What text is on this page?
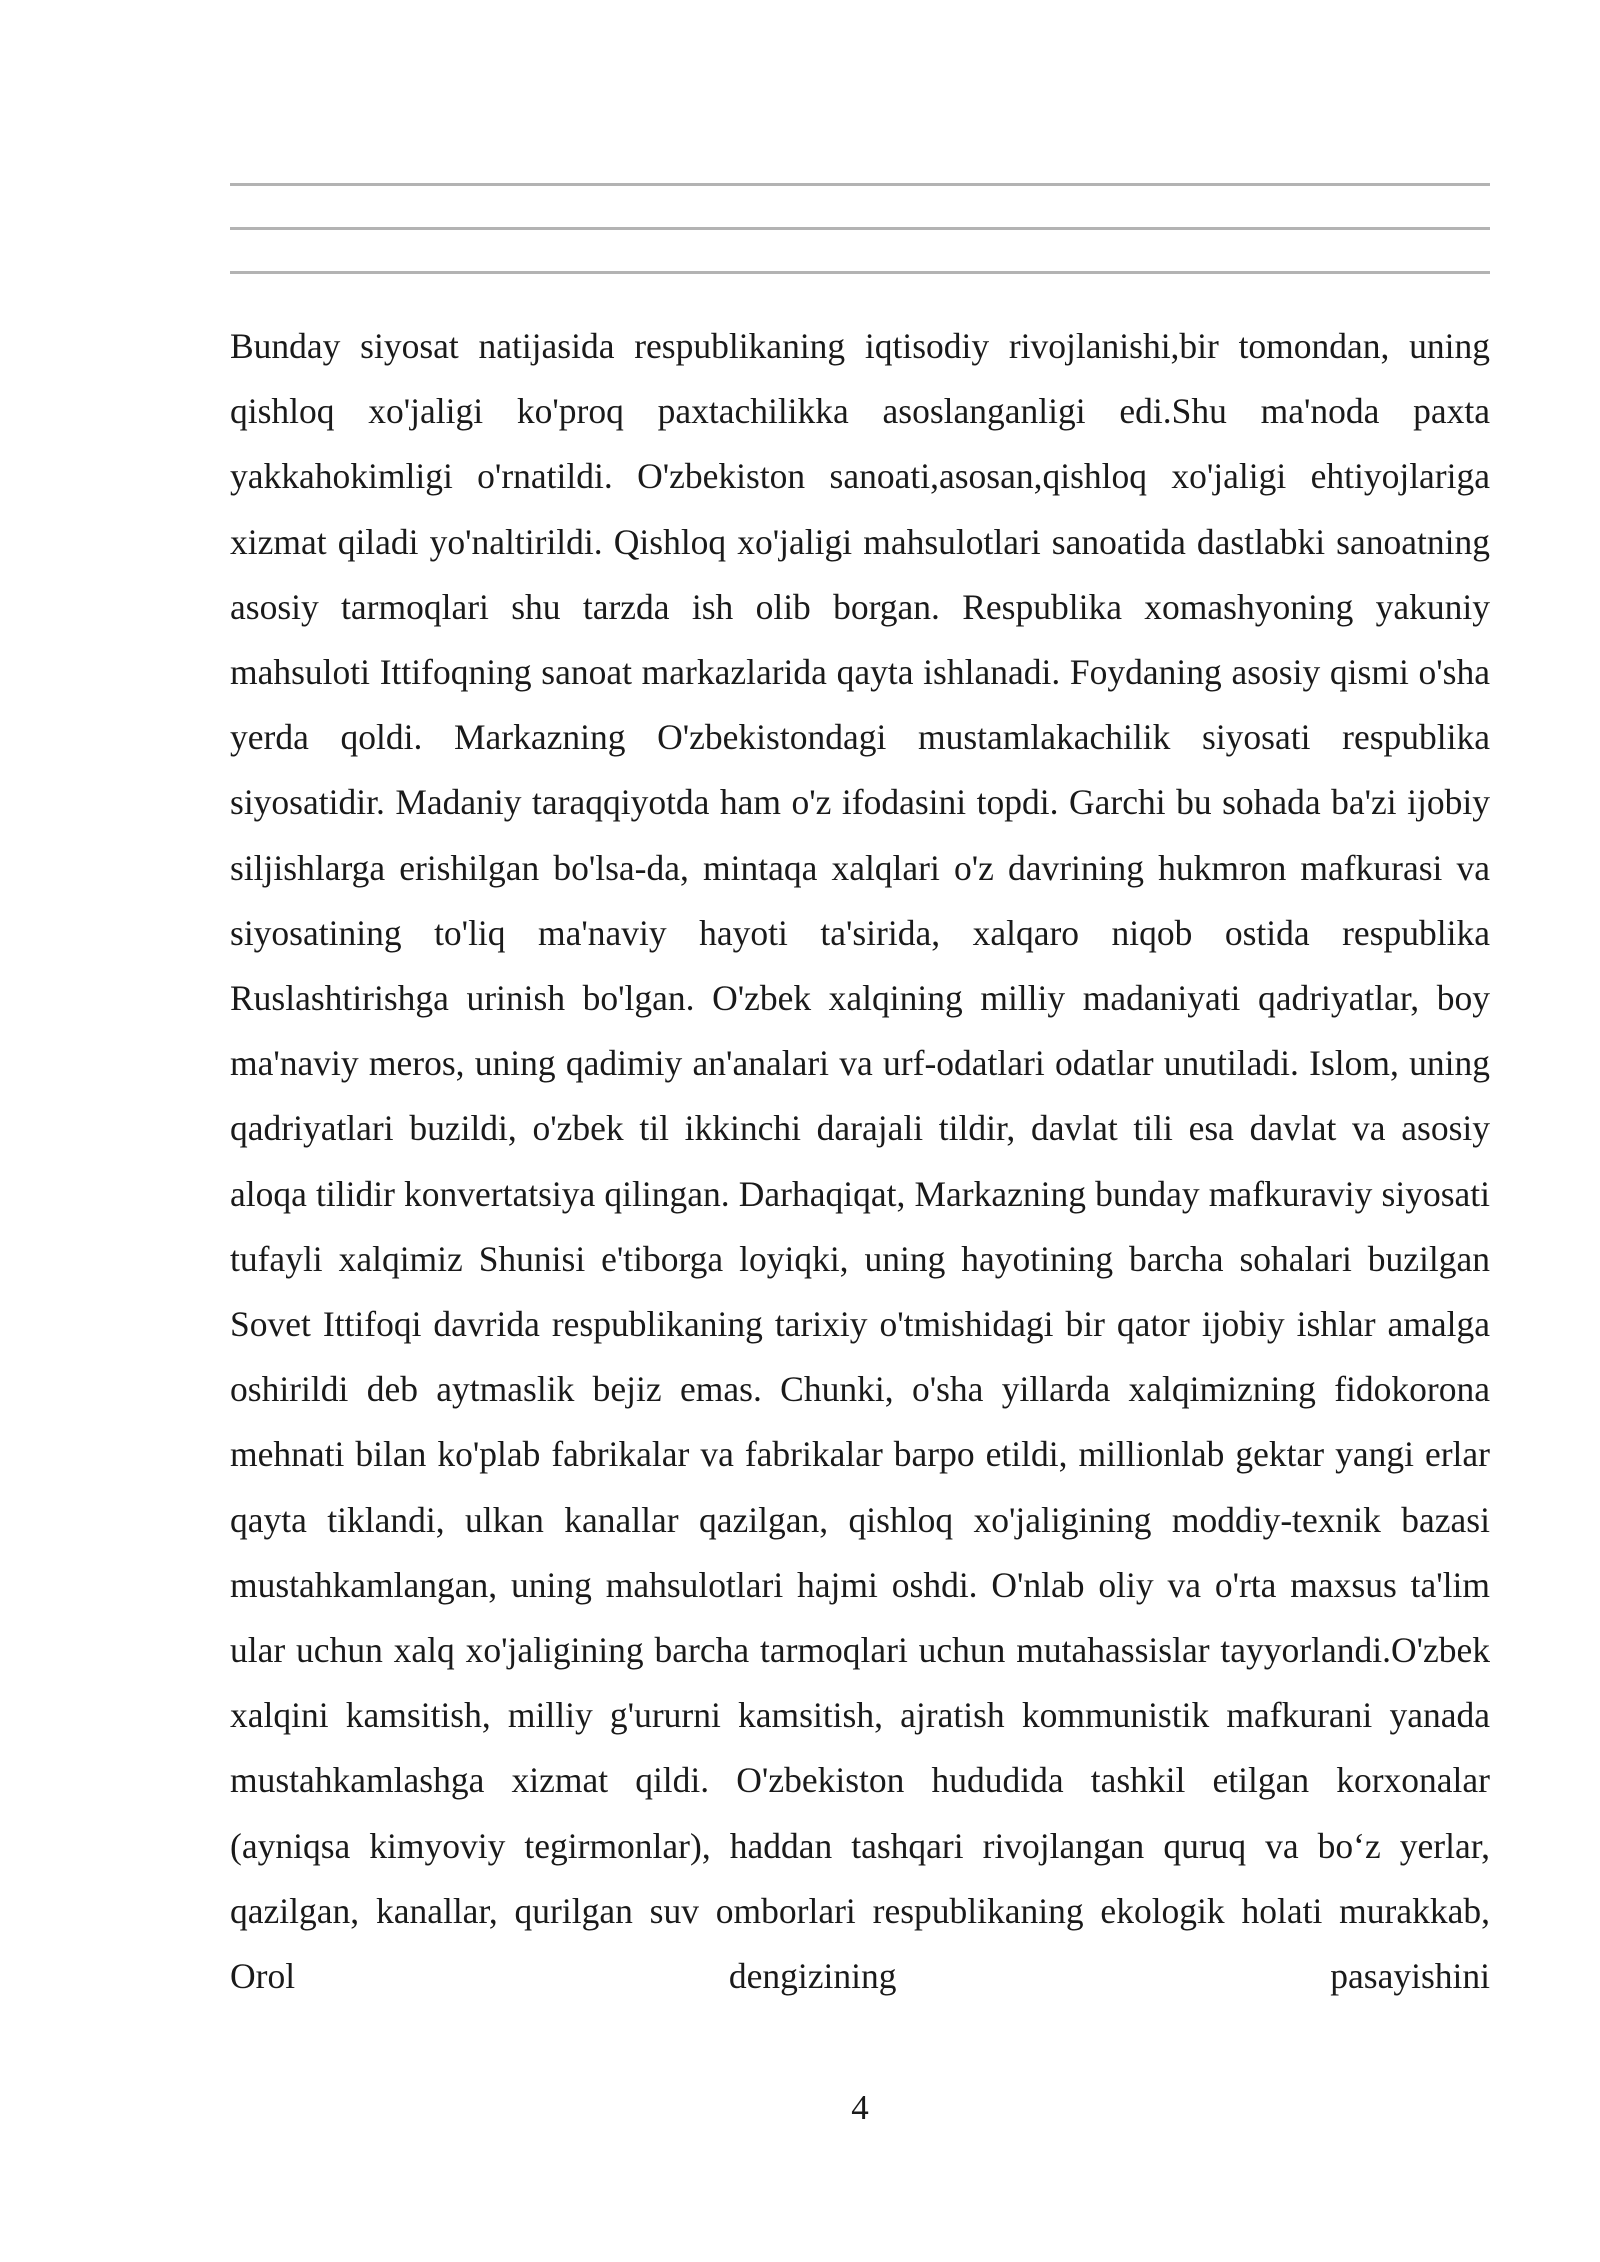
Bunday siyosat natijasida respublikaning iqtisodiy rivojlanishi,bir tomondan, uning qishloq xo'jaligi ko'proq paxtachilikka asoslanganligi edi.Shu ma'noda paxta yakkahokimligi o'rnatildi. O'zbekiston sanoati,asosan,qishloq xo'jaligi ehtiyojlariga xizmat qiladi yo'naltirildi. Qishloq xo'jaligi mahsulotlari sanoatida dastlabki sanoatning asosiy tarmoqlari shu tarzda ish olib borgan. Respublika xomashyoning yakuniy mahsuloti Ittifoqning sanoat markazlarida qayta ishlanadi. Foydaning asosiy qismi o'sha yerda qoldi. Markazning O'zbekistondagi mustamlakachilik siyosati respublika siyosatidir. Madaniy taraqqiyotda ham o'z ifodasini topdi. Garchi bu sohada ba'zi ijobiy siljishlarga erishilgan bo'lsa-da, mintaqa xalqlari o'z davrining hukmron mafkurasi va siyosatining to'liq ma'naviy hayoti ta'sirida, xalqaro niqob ostida respublika Ruslashtirishga urinish bo'lgan. O'zbek xalqining milliy madaniyati qadriyatlar, boy ma'naviy meros, uning qadimiy an'analari va urf-odatlari odatlar unutiladi. Islom, uning qadriyatlari buzildi, o'zbek til ikkinchi darajali tildir, davlat tili esa davlat va asosiy aloqa tilidir konvertatsiya qilingan. Darhaqiqat, Markazning bunday mafkuraviy siyosati tufayli xalqimiz Shunisi e'tiborga loyiqki, uning hayotining barcha sohalari buzilgan Sovet Ittifoqi davrida respublikaning tarixiy o'tmishidagi bir qator ijobiy ishlar amalga oshirildi deb aytmaslik bejiz emas. Chunki, o'sha yillarda xalqimizning fidokorona mehnati bilan ko'plab fabrikalar va fabrikalar barpo etildi, millionlab gektar yangi erlar qayta tiklandi, ulkan kanallar qazilgan, qishloq xo'jaligining moddiy-texnik bazasi mustahkamlangan, uning mahsulotlari hajmi oshdi. O'nlab oliy va o'rta maxsus ta'lim ular uchun xalq xo'jaligining barcha tarmoqlari uchun mutahassislar tayyorlandi.O'zbek xalqini kamsitish, milliy g'ururni kamsitish, ajratish kommunistik mafkurani yanada mustahkamlashga xizmat qildi. O'zbekiston hududida tashkil etilgan korxonalar (ayniqsa kimyoviy tegirmonlar), haddan tashqari rivojlangan quruq va boʻz yerlar, qazilgan, kanallar, qurilgan suv omborlari respublikaning ekologik holati murakkab, Orol dengizining pasayishini

4
